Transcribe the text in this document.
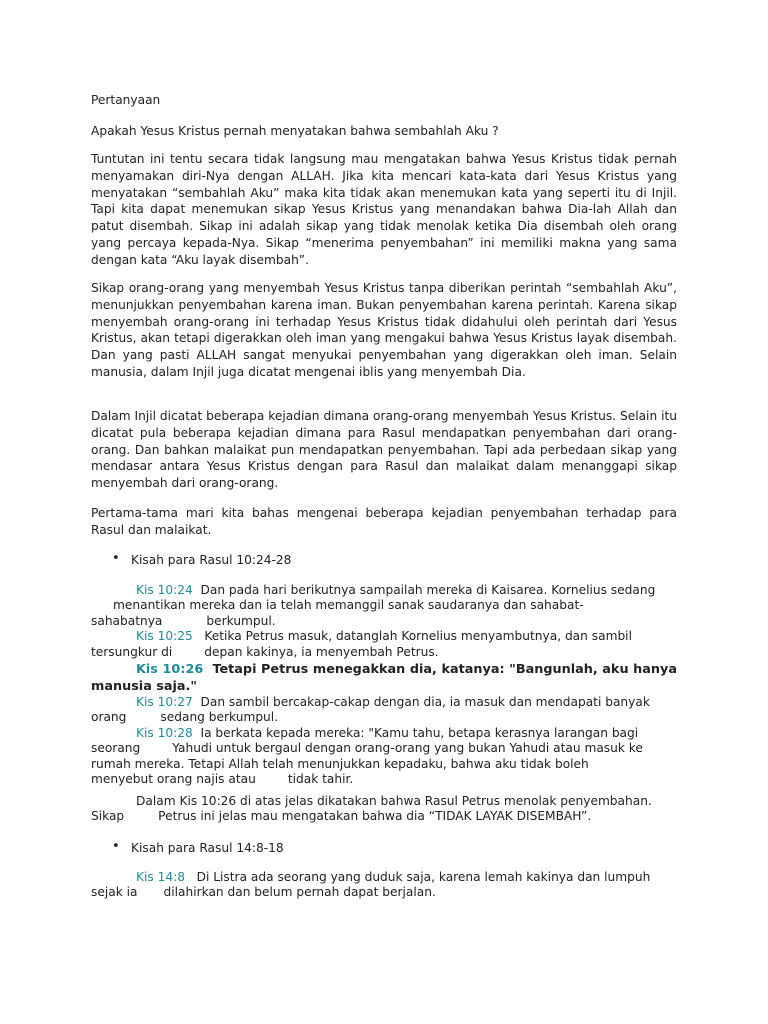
Pertanyaan

Apakah Yesus Kristus pernah menyatakan bahwa sembahlah Aku ?

Tuntutan ini tentu secara tidak langsung mau mengatakan bahwa Yesus Kristus tidak pernah menyamakan diri-Nya dengan ALLAH. Jika kita mencari kata-kata dari Yesus Kristus yang menyatakan “sembahlah Aku” maka kita tidak akan menemukan kata yang seperti itu di Injil. Tapi kita dapat menemukan sikap Yesus Kristus yang menandakan bahwa Dia-lah Allah dan patut disembah. Sikap ini adalah sikap yang tidak menolak ketika Dia disembah oleh orang yang percaya kepada-Nya. Sikap “menerima penyembahan” ini memiliki makna yang sama dengan kata “Aku layak disembah”.

Sikap orang-orang yang menyembah Yesus Kristus tanpa diberikan perintah “sembahlah Aku”, menunjukkan penyembahan karena iman. Bukan penyembahan karena perintah. Karena sikap menyembah orang-orang ini terhadap Yesus Kristus tidak didahului oleh perintah dari Yesus Kristus, akan tetapi digerakkan oleh iman yang mengakui bahwa Yesus Kristus layak disembah. Dan yang pasti ALLAH sangat menyukai penyembahan yang digerakkan oleh iman. Selain manusia, dalam Injil juga dicatat mengenai iblis yang menyembah Dia.

Dalam Injil dicatat beberapa kejadian dimana orang-orang menyembah Yesus Kristus. Selain itu dicatat pula beberapa kejadian dimana para Rasul mendapatkan penyembahan dari orang-orang. Dan bahkan malaikat pun mendapatkan penyembahan. Tapi ada perbedaan sikap yang mendasar antara Yesus Kristus dengan para Rasul dan malaikat dalam menanggapi sikap menyembah dari orang-orang.

Pertama-tama mari kita bahas mengenai beberapa kejadian penyembahan terhadap para Rasul dan malaikat.

• Kisah para Rasul 10:24-28

Kis 10:24 Dan pada hari berikutnya sampailah mereka di Kaisarea. Kornelius sedang

menantikan mereka dan ia telah memanggil sanak saudaranya dan sahabat-

sahabatnya	berkumpul.

Kis 10:25 Ketika Petrus masuk, datanglah Kornelius menyambutnya, dan sambil

tersungkur di	depan kakinya, ia menyembah Petrus.

Kis 10:26 Tetapi Petrus menegakkan dia, katanya: "Bangunlah, aku hanya manusia saja."

Kis 10:27 Dan sambil bercakap-cakap dengan dia, ia masuk dan mendapati banyak

orang	sedang berkumpul.

Kis 10:28 Ia berkata kepada mereka: "Kamu tahu, betapa kerasnya larangan bagi

seorang	Yahudi untuk bergaul dengan orang-orang yang bukan Yahudi atau masuk ke

rumah mereka. Tetapi Allah telah menunjukkan kepadaku, bahwa aku tidak boleh

menyebut orang najis atau	tidak tahir.

Dalam Kis 10:26 di atas jelas dikatakan bahwa Rasul Petrus menolak penyembahan.

Sikap	Petrus ini jelas mau mengatakan bahwa dia “TIDAK LAYAK DISEMBAH”.

• Kisah para Rasul 14:8-18

Kis 14:8 Di Listra ada seorang yang duduk saja, karena lemah kakinya dan lumpuh

sejak ia dilahirkan dan belum pernah dapat berjalan.
